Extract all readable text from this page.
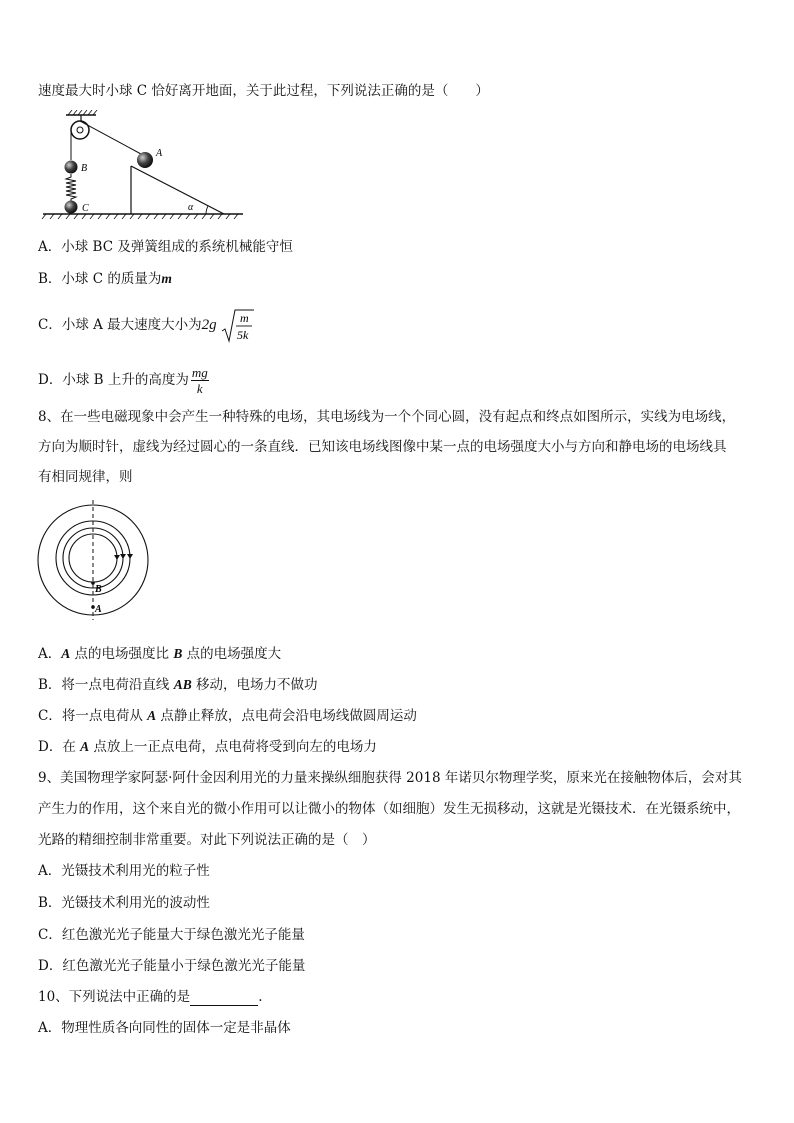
速度最大时小球 C 恰好离开地面，关于此过程，下列说法正确的是（　　）
B
C
A
α
A．小球 BC 及弹簧组成的系统机械能守恒
B．小球 C 的质量为m
C．小球 A 最大速度大小为2g m
5k
D．小球 B 上升的高度为 $\frac{mg}{k}$
8、在一些电磁现象中会产生一种特殊的电场，其电场线为一个个同心圆，没有起点和终点如图所示，实线为电场线，
方向为顺时针，虚线为经过圆心的一条直线．已知该电场线图像中某一点的电场强度大小与方向和静电场的电场线具
有相同规律，则
B
A
A．A 点的电场强度比 B 点的电场强度大
B．将一点电荷沿直线 AB 移动，电场力不做功
C．将一点电荷从 A 点静止释放，点电荷会沿电场线做圆周运动
D．在 A 点放上一正点电荷，点电荷将受到向左的电场力
9、美国物理学家阿瑟·阿什金因利用光的力量来操纵细胞获得 2018 年诺贝尔物理学奖，原来光在接触物体后，会对其
产生力的作用，这个来自光的微小作用可以让微小的物体（如细胞）发生无损移动，这就是光镊技术．在光镊系统中，
光路的精细控制非常重要。对此下列说法正确的是（　）
A．光镊技术利用光的粒子性
B．光镊技术利用光的波动性
C．红色激光光子能量大于绿色激光光子能量
D．红色激光光子能量小于绿色激光光子能量
10、下列说法中正确的是	.
A．物理性质各向同性的固体一定是非晶体
